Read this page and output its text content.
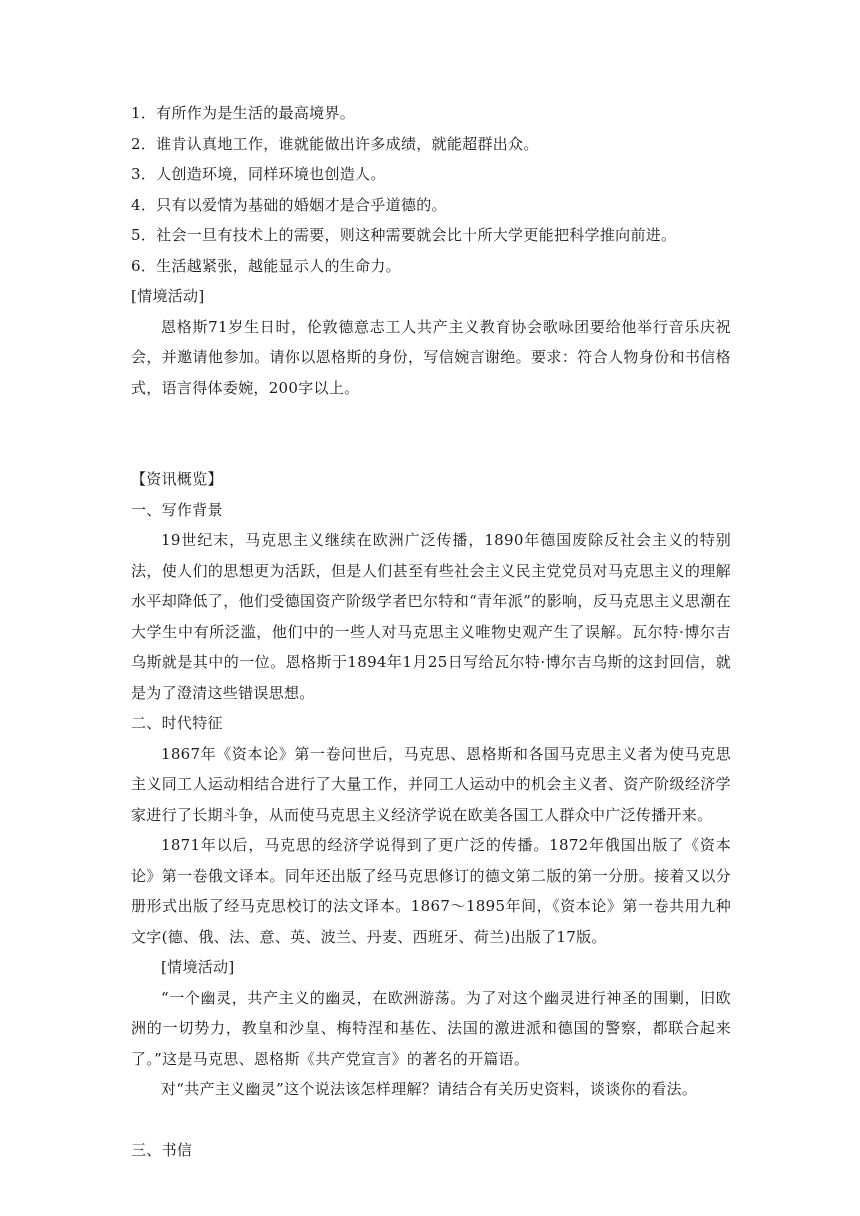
1．有所作为是生活的最高境界。
2．谁肯认真地工作，谁就能做出许多成绩，就能超群出众。
3．人创造环境，同样环境也创造人。
4．只有以爱情为基础的婚姻才是合乎道德的。
5．社会一旦有技术上的需要，则这种需要就会比十所大学更能把科学推向前进。
6．生活越紧张，越能显示人的生命力。
[情境活动]
恩格斯71岁生日时，伦敦德意志工人共产主义教育协会歌咏团要给他举行音乐庆祝会，并邀请他参加。请你以恩格斯的身份，写信婉言谢绝。要求：符合人物身份和书信格式，语言得体委婉，200字以上。
【资讯概览】
一、写作背景
19世纪末，马克思主义继续在欧洲广泛传播，1890年德国废除反社会主义的特别法，使人们的思想更为活跃，但是人们甚至有些社会主义民主党党员对马克思主义的理解水平却降低了，他们受德国资产阶级学者巴尔特和“青年派”的影响，反马克思主义思潮在大学生中有所泛滥，他们中的一些人对马克思主义唯物史观产生了误解。瓦尔特·博尔吉乌斯就是其中的一位。恩格斯于1894年1月25日写给瓦尔特·博尔吉乌斯的这封回信，就是为了澄清这些错误思想。
二、时代特征
1867年《资本论》第一卷问世后，马克思、恩格斯和各国马克思主义者为使马克思主义同工人运动相结合进行了大量工作，并同工人运动中的机会主义者、资产阶级经济学家进行了长期斗争，从而使马克思主义经济学说在欧美各国工人群众中广泛传播开来。
1871年以后，马克思的经济学说得到了更广泛的传播。1872年俄国出版了《资本论》第一卷俄文译本。同年还出版了经马克思修订的德文第二版的第一分册。接着又以分册形式出版了经马克思校订的法文译本。1867～1895年间，《资本论》第一卷共用九种文字(德、俄、法、意、英、波兰、丹麦、西班牙、荷兰)出版了17版。
[情境活动]
“一个幽灵，共产主义的幽灵，在欧洲游荡。为了对这个幽灵进行神圣的围剿，旧欧洲的一切势力，教皇和沙皇、梅特涅和基佐、法国的激进派和德国的警察，都联合起来了。”这是马克思、恩格斯《共产党宣言》的著名的开篇语。
对“共产主义幽灵”这个说法该怎样理解？请结合有关历史资料，谈谈你的看法。
三、书信
